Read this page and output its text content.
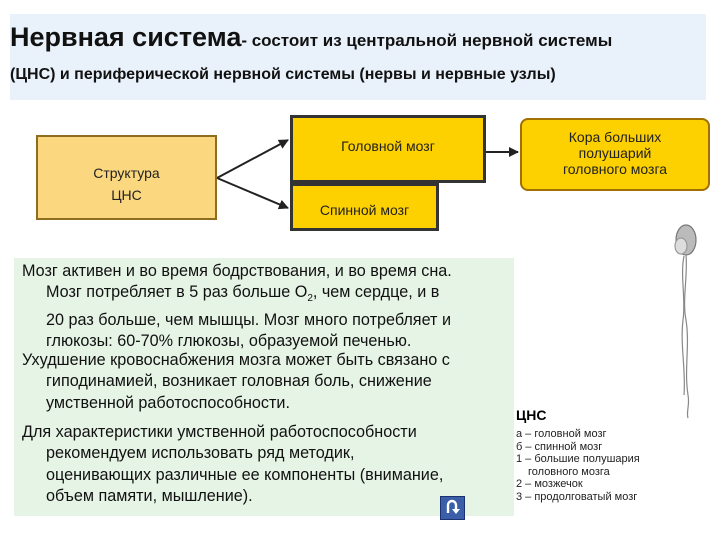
Нервная система- состоит из центральной нервной системы
(ЦНС) и периферической нервной системы (нервы и нервные узлы)
Структура
ЦНС
Головной мозг
Спинной мозг
Кора больших
полушарий
головного мозга
Мозг активен и во время бодрствования, и во время сна.
Мозг потребляет в 5 раз больше $О_2$, чем сердце, и в
20 раз больше, чем мышцы. Мозг много потребляет и
глюкозы: 60-70% глюкозы, образуемой печенью.
Ухудшение кровоснабжения мозга может быть связано с
гиподинамией, возникает головная боль, снижение
умственной работоспособности.
Для характеристики умственной работоспособности
рекомендуем использовать ряд методик,
оценивающих различные ее компоненты (внимание,
объем памяти, мышление).
ЦНС
а – головной мозг
б – спинной мозг
1 – большие полушария
головного мозга
2 – мозжечок
3 – продолговатый мозг
